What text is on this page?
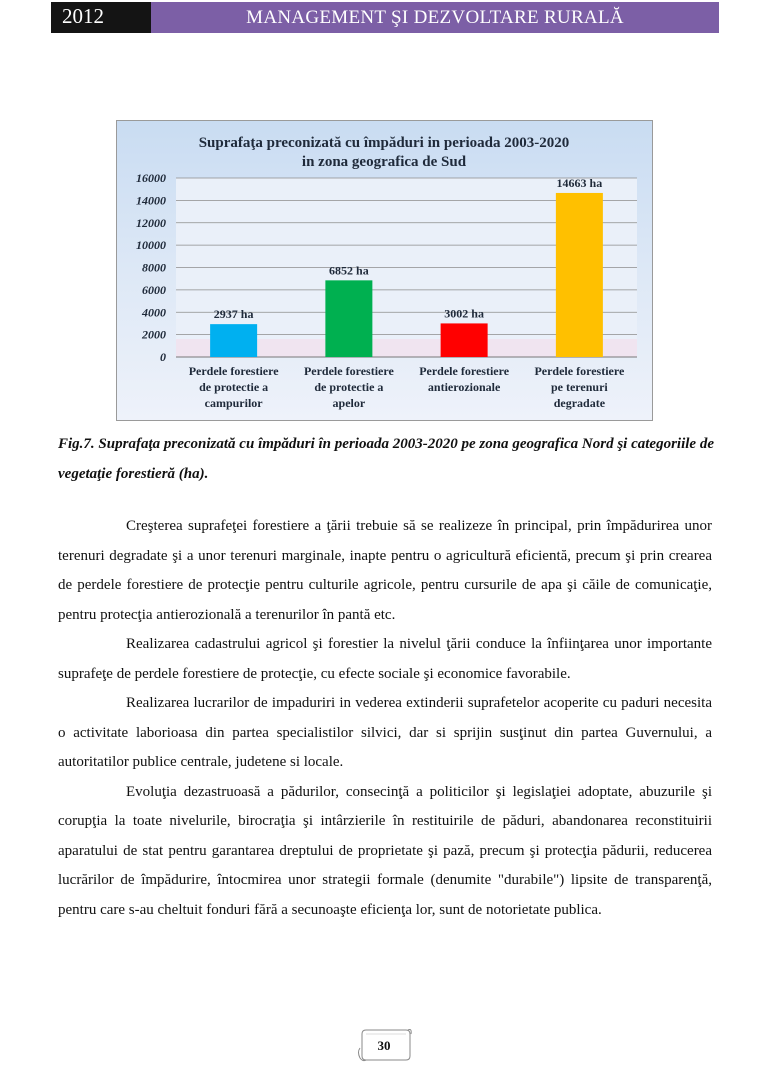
2012	MANAGEMENT ŞI DEZVOLTARE RURALĂ
Suprafaţa preconizată cu împăduri in perioada 2003-2020
in zona geografica de Sud
0
2000
4000
6000
8000
10000
12000
14000
16000
2937 ha
Perdele forestiere
de protectie a
campurilor
6852 ha
Perdele forestiere
de protectie a
apelor
3002 ha
Perdele forestiere
antierozionale
14663 ha
Perdele forestiere
pe terenuri
degradate
Fig.7. Suprafaţa preconizată cu împăduri în perioada 2003-2020 pe zona geografica Nord şi categoriile de vegetaţie forestieră (ha).

Creşterea suprafeţei forestiere a ţării trebuie să se realizeze în principal, prin împădurirea unor terenuri degradate şi a unor terenuri marginale, inapte pentru o agricultură eficientă, precum şi prin crearea de perdele forestiere de protecţie pentru culturile agricole, pentru cursurile de apa şi căile de comunicaţie, pentru protecţia antierozională a terenurilor în pantă etc.

Realizarea cadastrului agricol şi forestier la nivelul ţării conduce la înfiinţarea unor importante suprafeţe de perdele forestiere de protecţie, cu efecte sociale şi economice favorabile.

Realizarea lucrarilor de impaduriri in vederea extinderii suprafetelor acoperite cu paduri necesita o activitate laborioasa din partea specialistilor silvici, dar si sprijin susţinut din partea Guvernului, a autoritatilor publice centrale, judetene si locale.

Evoluţia dezastruoasă a pădurilor, consecinţă a politicilor şi legislaţiei adoptate, abuzurile şi corupţia la toate nivelurile, birocraţia şi intârzierile în restituirile de păduri, abandonarea reconstituirii aparatului de stat pentru garantarea dreptului de proprietate şi pază, precum şi protecţia pădurii, reducerea lucrărilor de împădurire, întocmirea unor strategii formale (denumite "durabile") lipsite de transparenţă, pentru care s-au cheltuit fonduri fără a secunoaşte eficienţa lor, sunt de notorietate publica.

30
